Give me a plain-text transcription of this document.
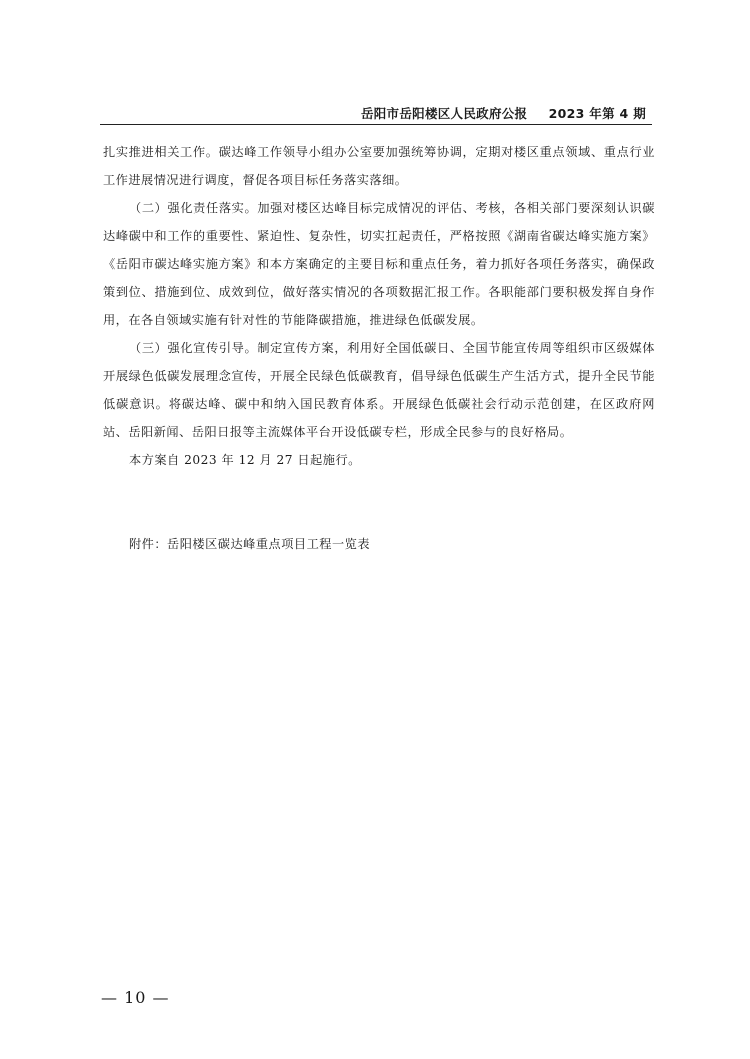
岳阳市岳阳楼区人民政府公报 2023 年第 4 期

扎实推进相关工作。碳达峰工作领导小组办公室要加强统筹协调，定期对楼区重点领域、重点行业工作进展情况进行调度，督促各项目标任务落实落细。

（二）强化责任落实。加强对楼区达峰目标完成情况的评估、考核，各相关部门要深刻认识碳达峰碳中和工作的重要性、紧迫性、复杂性，切实扛起责任，严格按照《湖南省碳达峰实施方案》《岳阳市碳达峰实施方案》和本方案确定的主要目标和重点任务，着力抓好各项任务落实，确保政策到位、措施到位、成效到位，做好落实情况的各项数据汇报工作。各职能部门要积极发挥自身作用，在各自领域实施有针对性的节能降碳措施，推进绿色低碳发展。

（三）强化宣传引导。制定宣传方案，利用好全国低碳日、全国节能宣传周等组织市区级媒体开展绿色低碳发展理念宣传，开展全民绿色低碳教育，倡导绿色低碳生产生活方式，提升全民节能低碳意识。将碳达峰、碳中和纳入国民教育体系。开展绿色低碳社会行动示范创建，在区政府网站、岳阳新闻、岳阳日报等主流媒体平台开设低碳专栏，形成全民参与的良好格局。

本方案自 2023 年 12 月 27 日起施行。

附件：岳阳楼区碳达峰重点项目工程一览表
— 10 —
